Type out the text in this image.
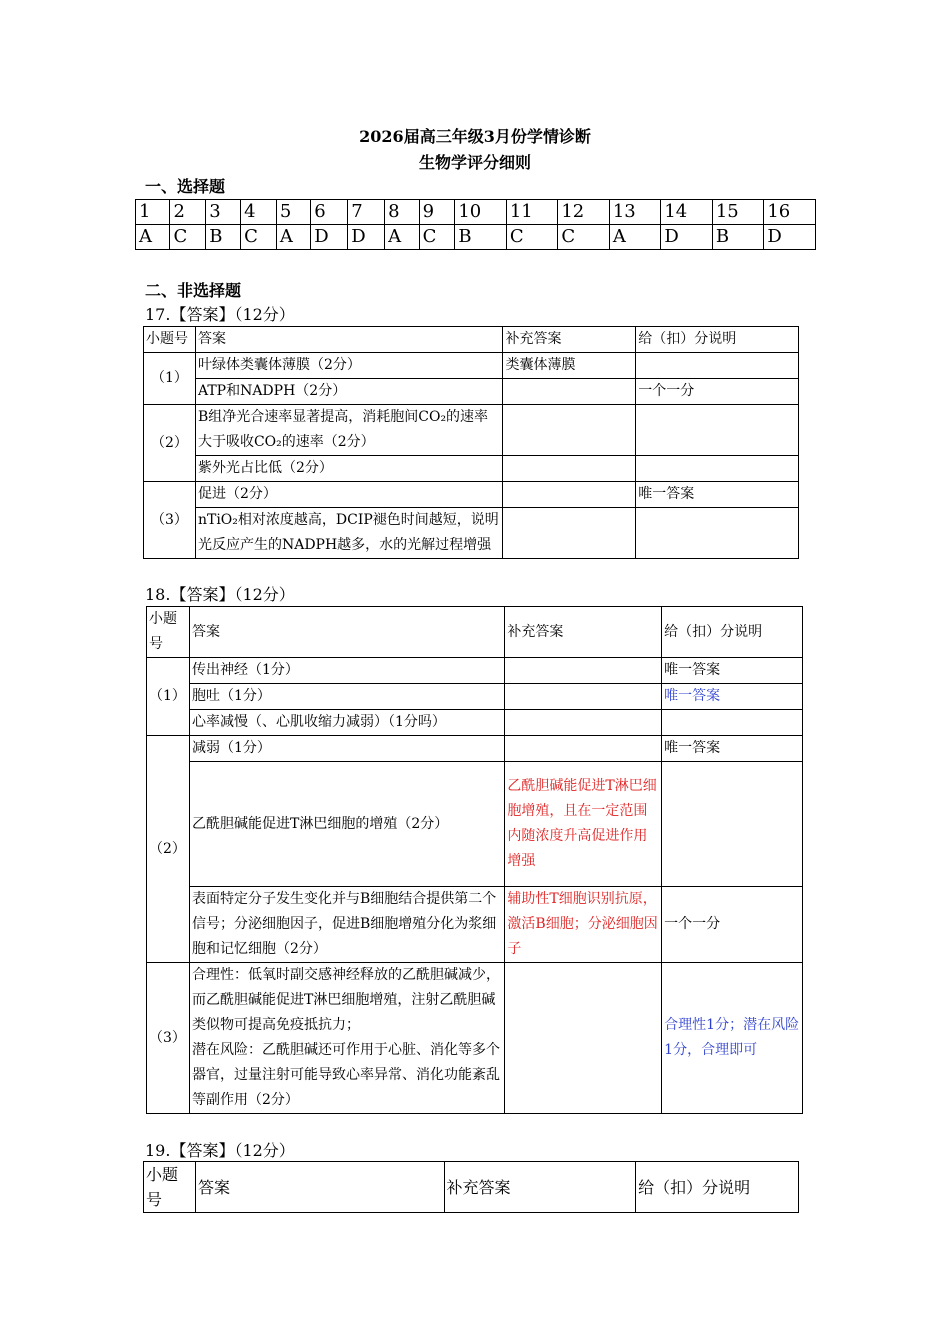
2026届高三年级3月份学情诊断
生物学评分细则
一、选择题
1	2	3	4	5	6	7	8	9	10	11	12	13	14	15	16
A	C	B	C	A	D	D	A	C	B	C	C	A	D	B	D
二、非选择题
17.【答案】（12分）
小题号	答案	补充答案	给（扣）分说明
（1）	叶绿体类囊体薄膜（2分）	类囊体薄膜	
	ATP和NADPH（2分）		一个一分
（2）	B组净光合速率显著提高，消耗胞间CO₂的速率大于吸收CO₂的速率（2分）		
	紫外光占比低（2分）		
（3）	促进（2分）		唯一答案
	nTiO₂相对浓度越高，DCIP褪色时间越短，说明光反应产生的NADPH越多，水的光解过程增强		
18.【答案】（12分）
小题号	答案	补充答案	给（扣）分说明
（1）	传出神经（1分）		唯一答案
	胞吐（1分）		唯一答案
	心率减慢（、心肌收缩力减弱）（1分吗）		
（2）	减弱（1分）		唯一答案
	乙酰胆碱能促进T淋巴细胞的增殖（2分）	乙酰胆碱能促进T淋巴细胞增殖，且在一定范围内随浓度升高促进作用增强	
	表面特定分子发生变化并与B细胞结合提供第二个信号；分泌细胞因子，促进B细胞增殖分化为浆细胞和记忆细胞（2分）	辅助性T细胞识别抗原，激活B细胞；分泌细胞因子	一个一分
（3）	合理性：低氧时副交感神经释放的乙酰胆碱减少，而乙酰胆碱能促进T淋巴细胞增殖，注射乙酰胆碱类似物可提高免疫抵抗力；
潜在风险：乙酰胆碱还可作用于心脏、消化等多个器官，过量注射可能导致心率异常、消化功能紊乱等副作用（2分）		合理性1分；潜在风险1分，合理即可
19.【答案】（12分）
小题号	答案	补充答案	给（扣）分说明
